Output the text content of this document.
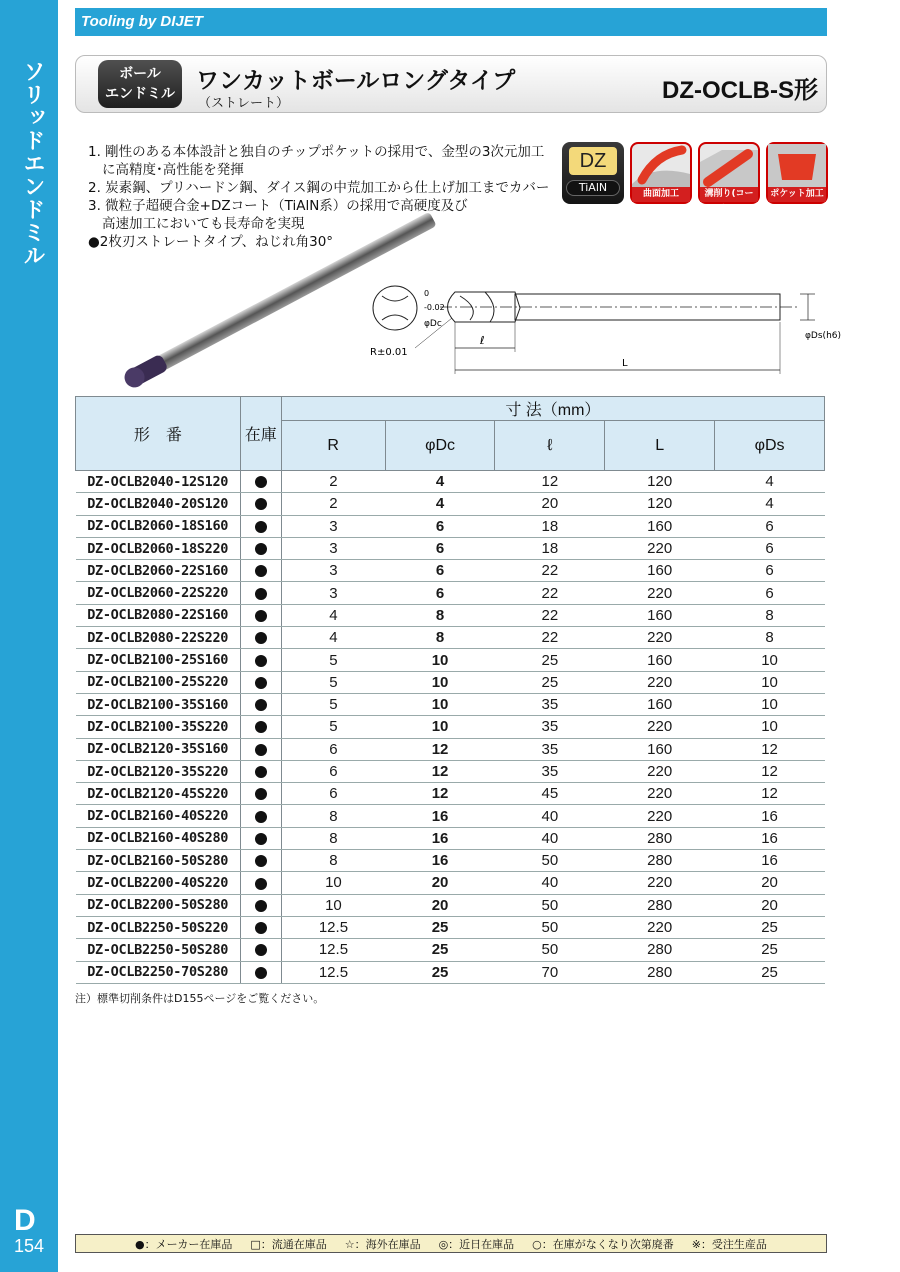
ソリッドエンドミル
D
154
Tooling by DIJET
ボール
エンドミル ワンカットボールロングタイプ
（ストレート）	DZ-OCLB-S形
1. 剛性のある本体設計と独自のチップポケットの採用で、金型の3次元加工
に高精度･高性能を発揮
2. 炭素鋼、プリハードン鋼、ダイス鋼の中荒加工から仕上げ加工までカバー
3. 微粒子超硬合金+DZコート（TiAlN系）の採用で高硬度及び
高速加工においても長寿命を実現
●2枚刃ストレートタイプ、ねじれ角30°
DZ
TiAlN	曲面加工	溝削り(コーナR)
ポケット加工
0
-0.02
φDc
φDs(h6)
R±0.01
ℓ
L
形　番	在庫	寸 法（mm）				
		R	φDc	ℓ	L	φDs
DZ-OCLB2040-12S120		2	4	12	120	4
DZ-OCLB2040-20S120		2	4	20	120	4
DZ-OCLB2060-18S160		3	6	18	160	6
DZ-OCLB2060-18S220		3	6	18	220	6
DZ-OCLB2060-22S160		3	6	22	160	6
DZ-OCLB2060-22S220		3	6	22	220	6
DZ-OCLB2080-22S160		4	8	22	160	8
DZ-OCLB2080-22S220		4	8	22	220	8
DZ-OCLB2100-25S160		5	10	25	160	10
DZ-OCLB2100-25S220		5	10	25	220	10
DZ-OCLB2100-35S160		5	10	35	160	10
DZ-OCLB2100-35S220		5	10	35	220	10
DZ-OCLB2120-35S160		6	12	35	160	12
DZ-OCLB2120-35S220		6	12	35	220	12
DZ-OCLB2120-45S220		6	12	45	220	12
DZ-OCLB2160-40S220		8	16	40	220	16
DZ-OCLB2160-40S280		8	16	40	280	16
DZ-OCLB2160-50S280		8	16	50	280	16
DZ-OCLB2200-40S220		10	20	40	220	20
DZ-OCLB2200-50S280		10	20	50	280	20
DZ-OCLB2250-50S220		12.5	25	50	220	25
DZ-OCLB2250-50S280		12.5	25	50	280	25
DZ-OCLB2250-70S280		12.5	25	70	280	25
注）標準切削条件はD155ページをご覧ください。
●：メーカー在庫品 □：流通在庫品 ☆：海外在庫品 ◎：近日在庫品 ○：在庫がなくなり次第廃番 ※：受注生産品
